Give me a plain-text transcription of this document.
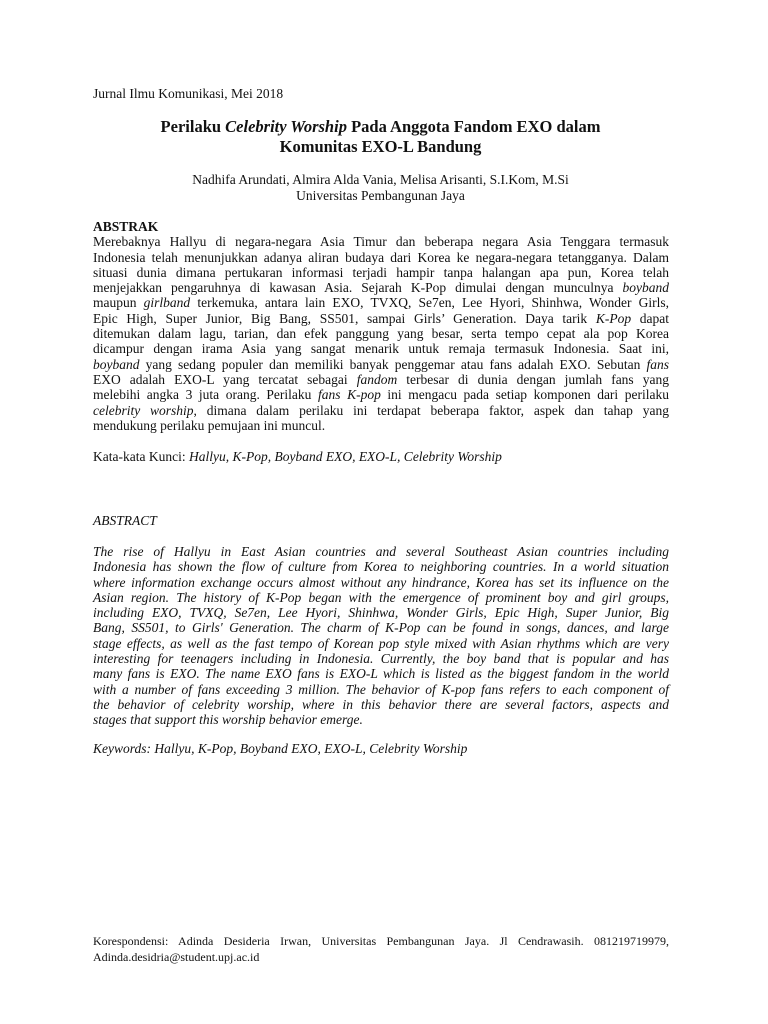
Jurnal Ilmu Komunikasi, Mei 2018
Perilaku Celebrity Worship Pada Anggota Fandom EXO dalam
Komunitas EXO-L Bandung
Nadhifa Arundati, Almira Alda Vania, Melisa Arisanti, S.I.Kom, M.Si
Universitas Pembangunan Jaya
ABSTRAK
Merebaknya Hallyu di negara-negara Asia Timur dan beberapa negara Asia Tenggara termasuk
Indonesia telah menunjukkan adanya aliran budaya dari Korea ke negara-negara tetangganya. Dalam
situasi dunia dimana pertukaran informasi terjadi hampir tanpa halangan apa pun, Korea telah
menjejakkan pengaruhnya di kawasan Asia. Sejarah K-Pop dimulai dengan munculnya boyband
maupun girlband terkemuka, antara lain EXO, TVXQ, Se7en, Lee Hyori, Shinhwa, Wonder Girls,
Epic High, Super Junior, Big Bang, SS501, sampai Girls’ Generation. Daya tarik K-Pop dapat
ditemukan dalam lagu, tarian, dan efek panggung yang besar, serta tempo cepat ala pop Korea
dicampur dengan irama Asia yang sangat menarik untuk remaja termasuk Indonesia. Saat ini,
boyband yang sedang populer dan memiliki banyak penggemar atau fans adalah EXO. Sebutan fans
EXO adalah EXO-L yang tercatat sebagai fandom terbesar di dunia dengan jumlah fans yang
melebihi angka 3 juta orang. Perilaku fans K-pop ini mengacu pada setiap komponen dari perilaku
celebrity worship, dimana dalam perilaku ini terdapat beberapa faktor, aspek dan tahap yang
mendukung perilaku pemujaan ini muncul.
Kata-kata Kunci: Hallyu, K-Pop, Boyband EXO, EXO-L, Celebrity Worship
ABSTRACT
The rise of Hallyu in East Asian countries and several Southeast Asian countries including
Indonesia has shown the flow of culture from Korea to neighboring countries. In a world situation
where information exchange occurs almost without any hindrance, Korea has set its influence on the
Asian region. The history of K-Pop began with the emergence of prominent boy and girl groups,
including EXO, TVXQ, Se7en, Lee Hyori, Shinhwa, Wonder Girls, Epic High, Super Junior, Big
Bang, SS501, to Girls' Generation. The charm of K-Pop can be found in songs, dances, and large
stage effects, as well as the fast tempo of Korean pop style mixed with Asian rhythms which are very
interesting for teenagers including in Indonesia. Currently, the boy band that is popular and has
many fans is EXO. The name EXO fans is EXO-L which is listed as the biggest fandom in the world
with a number of fans exceeding 3 million. The behavior of K-pop fans refers to each component of
the behavior of celebrity worship, where in this behavior there are several factors, aspects and
stages that support this worship behavior emerge.
Keywords: Hallyu, K-Pop, Boyband EXO, EXO-L, Celebrity Worship
Korespondensi: Adinda Desideria Irwan, Universitas Pembangunan Jaya. Jl Cendrawasih. 081219719979,
Adinda.desidria@student.upj.ac.id
